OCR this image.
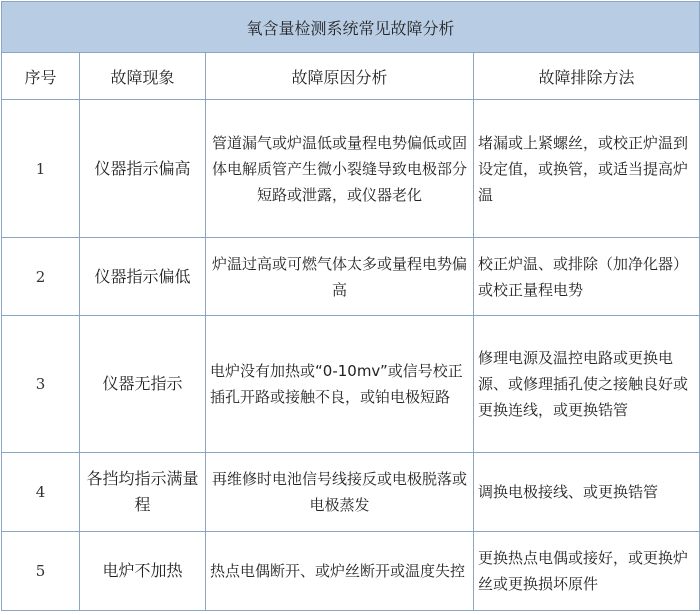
氧含量检测系统常见故障分析			
序号	故障现象	故障原因分析	故障排除方法
1	仪器指示偏高	管道漏气或炉温低或量程电势偏低或固体电解质管产生微小裂缝导致电极部分短路或泄露，或仪器老化	堵漏或上紧螺丝，或校正炉温到设定值，或换管，或适当提高炉温
2	仪器指示偏低	炉温过高或可燃气体太多或量程电势偏高	校正炉温、或排除（加净化器）或校正量程电势
3	仪器无指示	电炉没有加热或“0-10mv”或信号校正插孔开路或接触不良，或铂电极短路	修理电源及温控电路或更换电源、或修理插孔使之接触良好或更换连线，或更换锆管
4	各挡均指示满量程	再维修时电池信号线接反或电极脱落或电极蒸发	调换电极接线、或更换锆管
5	电炉不加热	热点电偶断开、或炉丝断开或温度失控	更换热点电偶或接好，或更换炉丝或更换损坏原件
